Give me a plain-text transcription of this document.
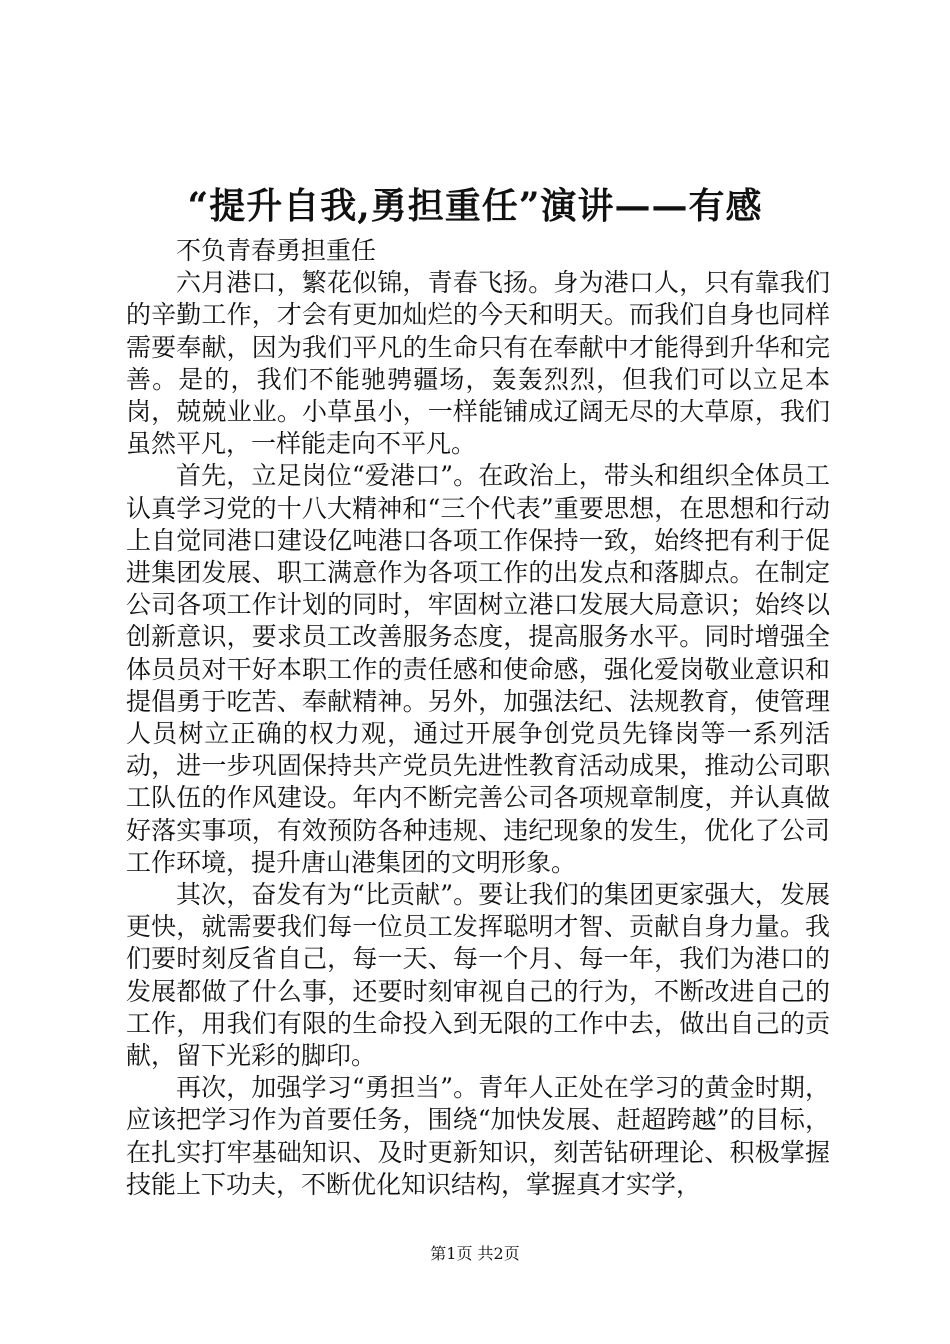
“提升自我,勇担重任”演讲——有感

不负青春勇担重任

六月港口，繁花似锦，青春飞扬。身为港口人，只有靠我们的辛勤工作，才会有更加灿烂的今天和明天。而我们自身也同样需要奉献，因为我们平凡的生命只有在奉献中才能得到升华和完善。是的，我们不能驰骋疆场，轰轰烈烈，但我们可以立足本岗，兢兢业业。小草虽小，一样能铺成辽阔无尽的大草原，我们虽然平凡，一样能走向不平凡。

首先，立足岗位“爱港口”。在政治上，带头和组织全体员工认真学习党的十八大精神和“三个代表”重要思想，在思想和行动上自觉同港口建设亿吨港口各项工作保持一致，始终把有利于促进集团发展、职工满意作为各项工作的出发点和落脚点。在制定公司各项工作计划的同时，牢固树立港口发展大局意识；始终以创新意识，要求员工改善服务态度，提高服务水平。同时增强全体员员对干好本职工作的责任感和使命感，强化爱岗敬业意识和提倡勇于吃苦、奉献精神。另外，加强法纪、法规教育，使管理人员树立正确的权力观，通过开展争创党员先锋岗等一系列活动，进一步巩固保持共产党员先进性教育活动成果，推动公司职工队伍的作风建设。年内不断完善公司各项规章制度，并认真做好落实事项，有效预防各种违规、违纪现象的发生，优化了公司工作环境，提升唐山港集团的文明形象。

其次，奋发有为“比贡献”。要让我们的集团更家强大，发展更快，就需要我们每一位员工发挥聪明才智、贡献自身力量。我们要时刻反省自己，每一天、每一个月、每一年，我们为港口的发展都做了什么事，还要时刻审视自己的行为，不断改进自己的工作，用我们有限的生命投入到无限的工作中去，做出自己的贡献，留下光彩的脚印。

再次，加强学习“勇担当”。青年人正处在学习的黄金时期，应该把学习作为首要任务，围绕“加快发展、赶超跨越”的目标，在扎实打牢基础知识、及时更新知识，刻苦钻研理论、积极掌握技能上下功夫，不断优化知识结构，掌握真才实学，

第1页 共2页
